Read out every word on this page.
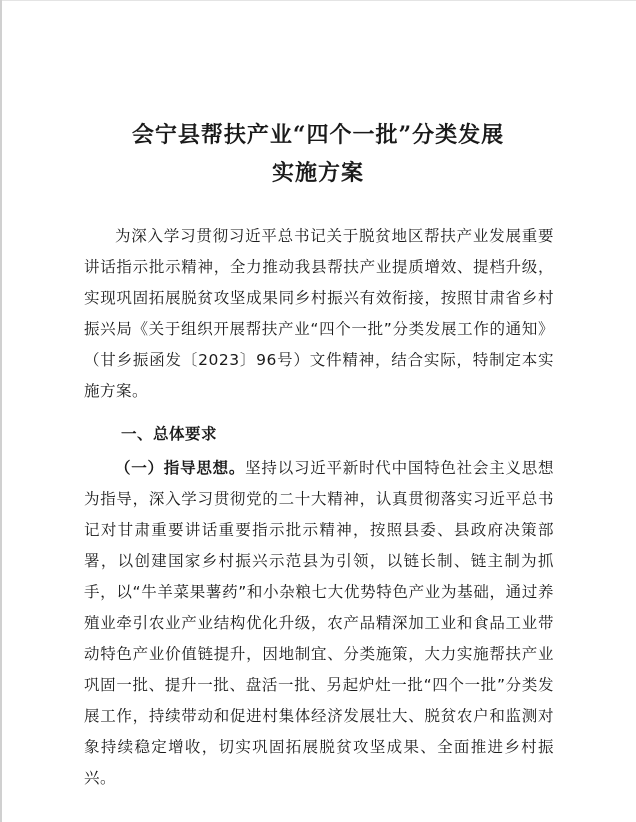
会宁县帮扶产业“四个一批”分类发展
实施方案

为深入学习贯彻习近平总书记关于脱贫地区帮扶产业发展重要讲话指示批示精神，全力推动我县帮扶产业提质增效、提档升级，实现巩固拓展脱贫攻坚成果同乡村振兴有效衔接，按照甘肃省乡村振兴局《关于组织开展帮扶产业“四个一批”分类发展工作的通知》（甘乡振函发〔2023〕96号）文件精神，结合实际，特制定本实施方案。

一、总体要求

（一）指导思想。坚持以习近平新时代中国特色社会主义思想为指导，深入学习贯彻党的二十大精神，认真贯彻落实习近平总书记对甘肃重要讲话重要指示批示精神，按照县委、县政府决策部署，以创建国家乡村振兴示范县为引领，以链长制、链主制为抓手，以“牛羊菜果薯药”和小杂粮七大优势特色产业为基础，通过养殖业牵引农业产业结构优化升级，农产品精深加工业和食品工业带动特色产业价值链提升，因地制宜、分类施策，大力实施帮扶产业巩固一批、提升一批、盘活一批、另起炉灶一批“四个一批”分类发展工作，持续带动和促进村集体经济发展壮大、脱贫农户和监测对象持续稳定增收，切实巩固拓展脱贫攻坚成果、全面推进乡村振兴。
